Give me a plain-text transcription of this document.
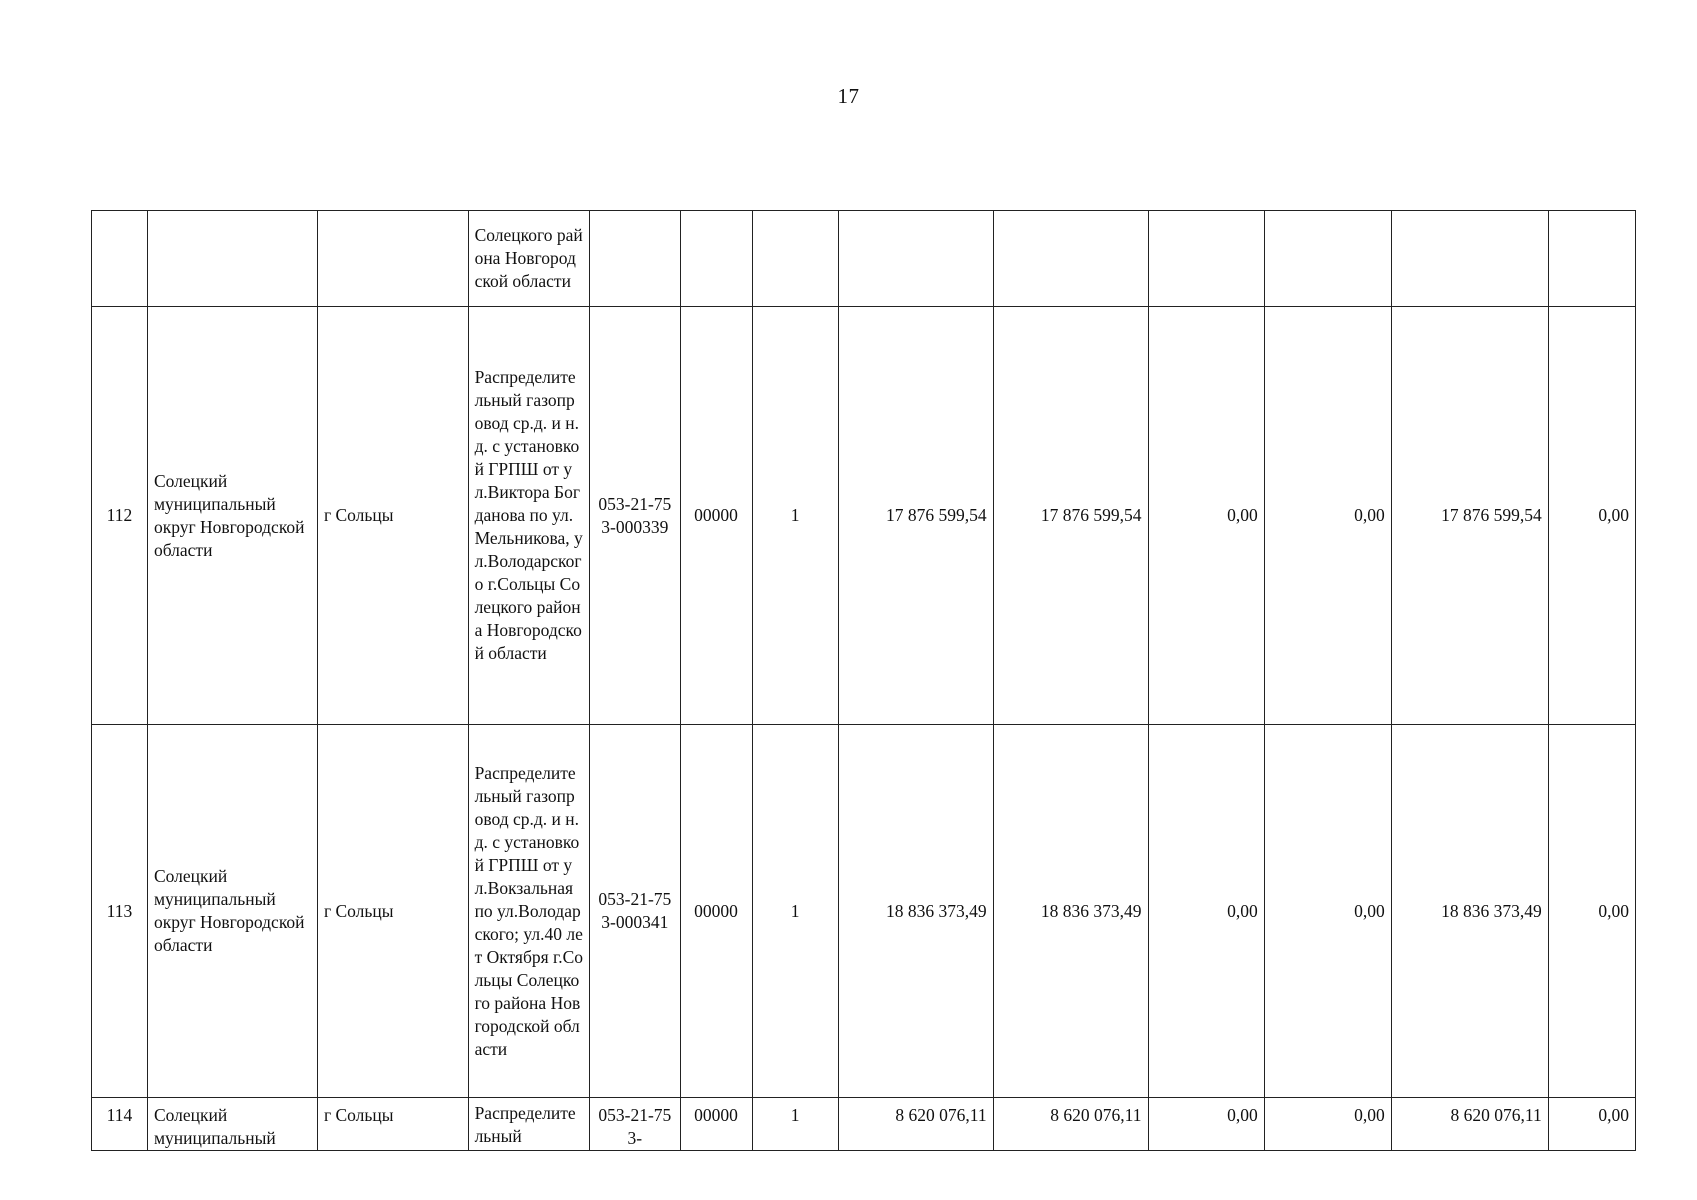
17
			Солецкого района Новгородской области									
112	Солецкий муниципальный округ Новгородской области	г Сольцы	Распределительный газопровод ср.д. и н.д. с установкой ГРПШ от ул.Виктора Богданова по ул.Мельникова, ул.Володарского г.Сольцы Солецкого района Новгородской области	053-21-753-000339	00000	1	17 876 599,54	17 876 599,54	0,00	0,00	17 876 599,54	0,00
113	Солецкий муниципальный округ Новгородской области	г Сольцы	Распределительный газопровод ср.д. и н.д. с установкой ГРПШ от ул.Вокзальная по ул.Володарского; ул.40 лет Октября г.Сольцы Солецкого района Новгородской области	053-21-753-000341	00000	1	18 836 373,49	18 836 373,49	0,00	0,00	18 836 373,49	0,00
114	Солецкий муниципальный	г Сольцы	Распределительный	053-21-753-	00000	1	8 620 076,11	8 620 076,11	0,00	0,00	8 620 076,11	0,00
